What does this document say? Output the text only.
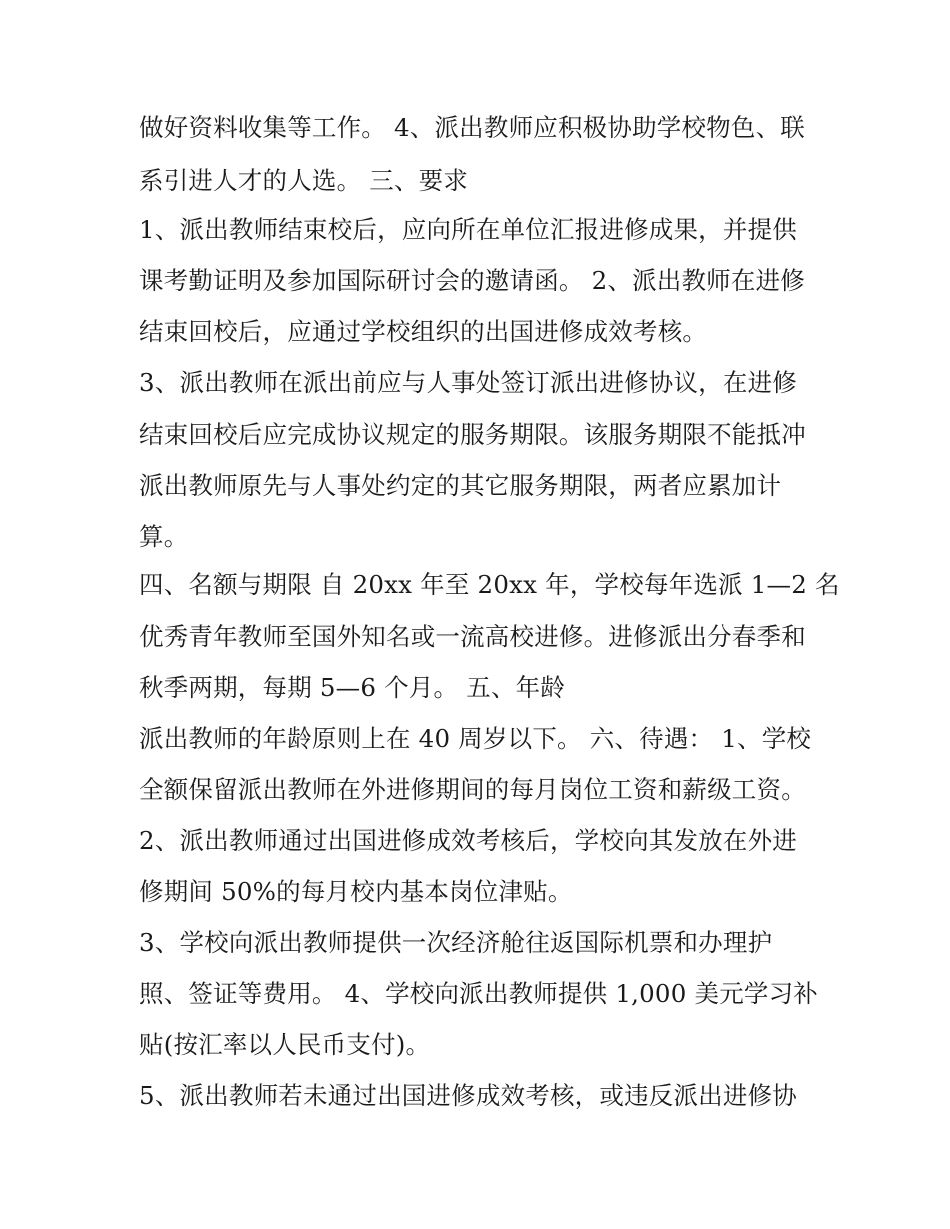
做好资料收集等工作。 4、派出教师应积极协助学校物色、联
系引进人才的人选。 三、要求
1、派出教师结束校后，应向所在单位汇报进修成果，并提供
课考勤证明及参加国际研讨会的邀请函。 2、派出教师在进修
结束回校后，应通过学校组织的出国进修成效考核。
3、派出教师在派出前应与人事处签订派出进修协议，在进修
结束回校后应完成协议规定的服务期限。该服务期限不能抵冲
派出教师原先与人事处约定的其它服务期限，两者应累加计
算。
四、名额与期限 自 20xx 年至 20xx 年，学校每年选派 1—2 名
优秀青年教师至国外知名或一流高校进修。进修派出分春季和
秋季两期，每期 5—6 个月。 五、年龄
派出教师的年龄原则上在 40 周岁以下。 六、待遇： 1、学校
全额保留派出教师在外进修期间的每月岗位工资和薪级工资。
2、派出教师通过出国进修成效考核后，学校向其发放在外进
修期间 50%的每月校内基本岗位津贴。
3、学校向派出教师提供一次经济舱往返国际机票和办理护
照、签证等费用。 4、学校向派出教师提供 1,000 美元学习补
贴(按汇率以人民币支付)。
5、派出教师若未通过出国进修成效考核，或违反派出进修协
